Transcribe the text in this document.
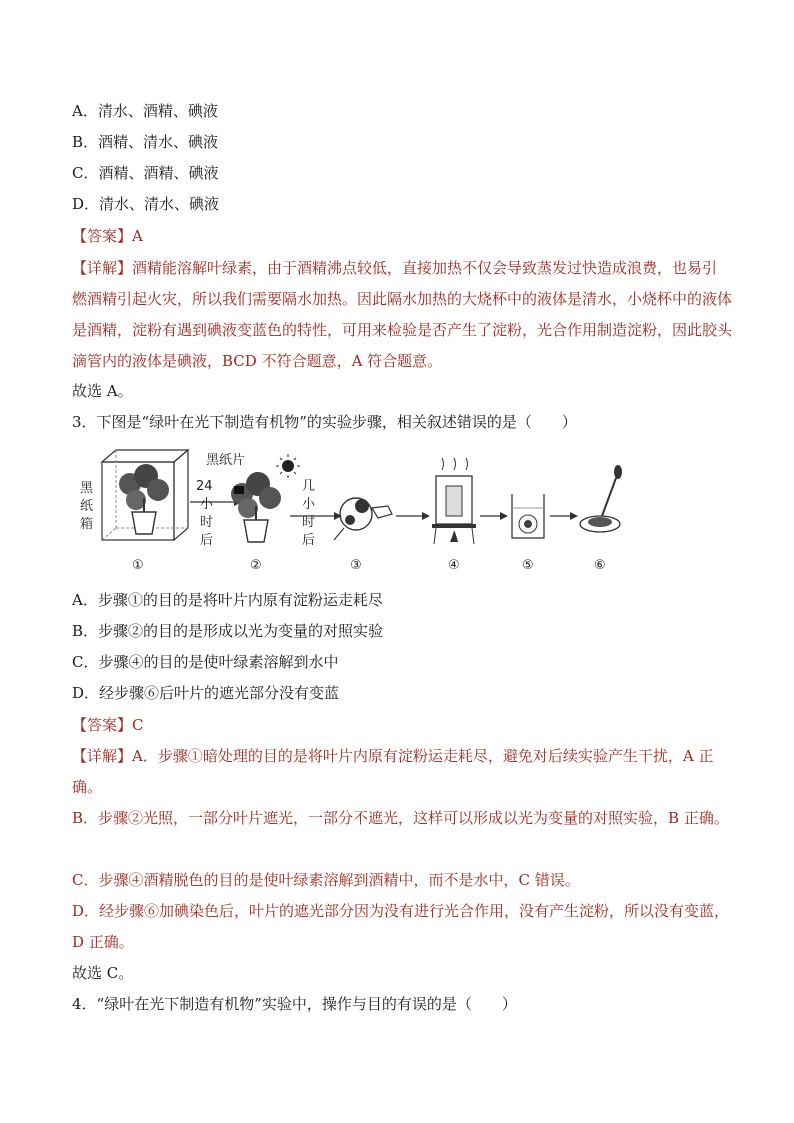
A．清水、酒精、碘液
B．酒精、清水、碘液
C．酒精、酒精、碘液
D．清水、清水、碘液
【答案】A
【详解】酒精能溶解叶绿素，由于酒精沸点较低，直接加热不仅会导致蒸发过快造成浪费，也易引燃酒精引起火灾，所以我们需要隔水加热。因此隔水加热的大烧杯中的液体是清水，小烧杯中的液体是酒精，淀粉有遇到碘液变蓝色的特性，可用来检验是否产生了淀粉，光合作用制造淀粉，因此胶头滴管内的液体是碘液，BCD 不符合题意，A 符合题意。
故选 A。
3．下图是“绿叶在光下制造有机物”的实验步骤，相关叙述错误的是（　　）
黑
纸
箱
①
24
小
时
后
黑纸片
②
几
小
时
后
③	④	⑤	⑥
A．步骤①的目的是将叶片内原有淀粉运走耗尽
B．步骤②的目的是形成以光为变量的对照实验
C．步骤④的目的是使叶绿素溶解到水中
D．经步骤⑥后叶片的遮光部分没有变蓝
【答案】C
【详解】A．步骤①暗处理的目的是将叶片内原有淀粉运走耗尽，避免对后续实验产生干扰，A 正确。
B．步骤②光照，一部分叶片遮光，一部分不遮光，这样可以形成以光为变量的对照实验，B 正确。
C．步骤④酒精脱色的目的是使叶绿素溶解到酒精中，而不是水中，C 错误。
D．经步骤⑥加碘染色后，叶片的遮光部分因为没有进行光合作用，没有产生淀粉，所以没有变蓝，D 正确。
故选 C。
4．“绿叶在光下制造有机物”实验中，操作与目的有误的是（　　）
